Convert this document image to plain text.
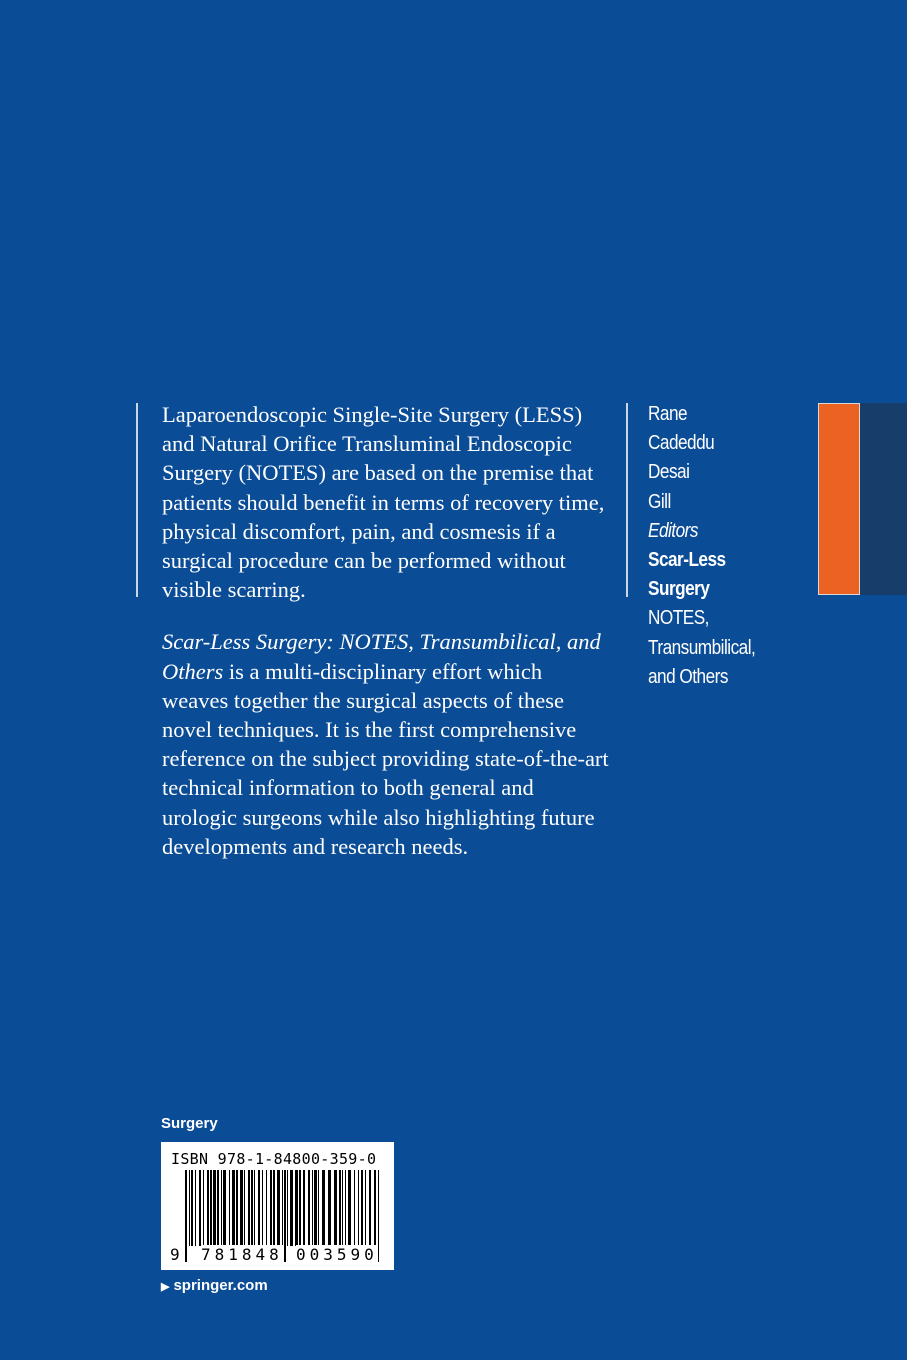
Laparoendoscopic Single-Site Surgery (LESS) and Natural Orifice Transluminal Endoscopic Surgery (NOTES) are based on the premise that patients should benefit in terms of recovery time, physical discomfort, pain, and cosmesis if a surgical procedure can be performed without visible scarring.

Scar-Less Surgery: NOTES, Transumbilical, and Others is a multi-disciplinary effort which weaves together the surgical aspects of these novel techniques. It is the first comprehensive reference on the subject providing state-of-the-art technical information to both general and urologic surgeons while also highlighting future developments and research needs.

Rane
Cadeddu
Desai
Gill
Editors
Scar-Less
Surgery
NOTES,
Transumbilical,
and Others
Surgery
ISBN 978-1-84800-359-0
9 781848 003590
▶ springer.com
